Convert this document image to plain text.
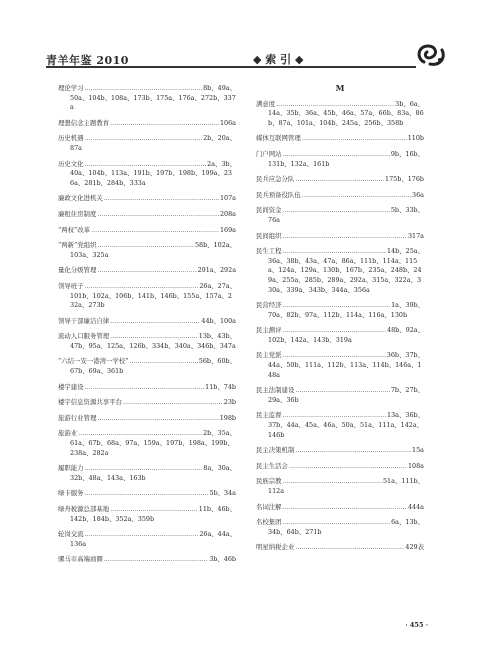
青羊年鉴 2010	◆ 索 引 ◆
理论学习 .....	8b、49a、
50a、104b、108a、173b、175a、176a、272b、337a
理想信念主题教育 .....	106a
历史机遇 .....	2b、20a、
87a
历史文化 .....	2a、3b、
40a、104b、113a、191b、197b、198b、199a、236a、281b、284b、333a
廉政文化进机关 .....	107a
廉租住房制度 .....	208a
“两权”改革 .....	169a
“两新”党组织 .....	58b、102a、
103a、325a
量化分级管理 .....	291a、292a
领导班子 .....	26a、27a、
101b、102a、106b、141b、146b、155a、157a、232a、273b
领导干部廉洁自律 .....	44b、100a
流动人口服务管理 .....	13b、43b、
47b、95a、125a、126b、334b、340a、346b、347a
“六结一安一港湾一学校” .....	56b、60b、
67b、69a、361b
楼宇建设 .....	11b、74b
楼宇信息资源共享平台 .....	23b
旅游行业管理 .....	198b
旅游业 .....	2b、35a、
61a、67b、68a、97a、159a、197b、198a、199b、238a、282a
履职能力 .....	8a、30a、
32b、48a、143a、163b
绿卡服务 .....	5b、34a
绿舟税源总部基地 .....	11b、46b、
142b、184b、352a、359b
轮岗交流 .....	26a、44a、
136a
骡马市高端商圈 .....	3b、46b
M
满意度 .....	3b、6a、
14a、35b、36a、45b、46a、57a、66b、83a、86b、87a、101a、104b、245a、256b、358b
媒体互联网管理 .....	110b
门户网站 .....	9b、16b、
131b、132a、161b
民兵应急分队 .....	175b、176b
民兵预备役队伍 .....	36a
民间资金 .....	5b、33b、
76a
民间组织 .....	317a
民生工程 .....	14b、25a、
36a、38b、43a、47a、86a、111b、114a、115a、124a、129a、130b、167b、235a、248b、249a、255a、285b、289a、292a、315a、322a、330a、339a、343b、344a、356a
民营经济 .....	1a、39b、
70a、82b、97a、112b、114a、116a、130b
民主测评 .....	48b、92a、
102b、142a、143b、319a
民主党派 .....	36b、37b、
44a、50b、111a、112b、113a、114b、146a、148a
民主法制建设 .....	7b、27b、
29a、36b
民主监督 .....	13a、36b、
37b、44a、45a、46a、50a、51a、111a、142a、146b
民主决策机制 .....	15a
民主生活会 .....	108a
民族宗教 .....	51a、111b、
112a
名词注解 .....	444a
名校集团 .....	6a、13b、
34b、64b、271b
明星纳税企业 .....	429表
· 455 ·
